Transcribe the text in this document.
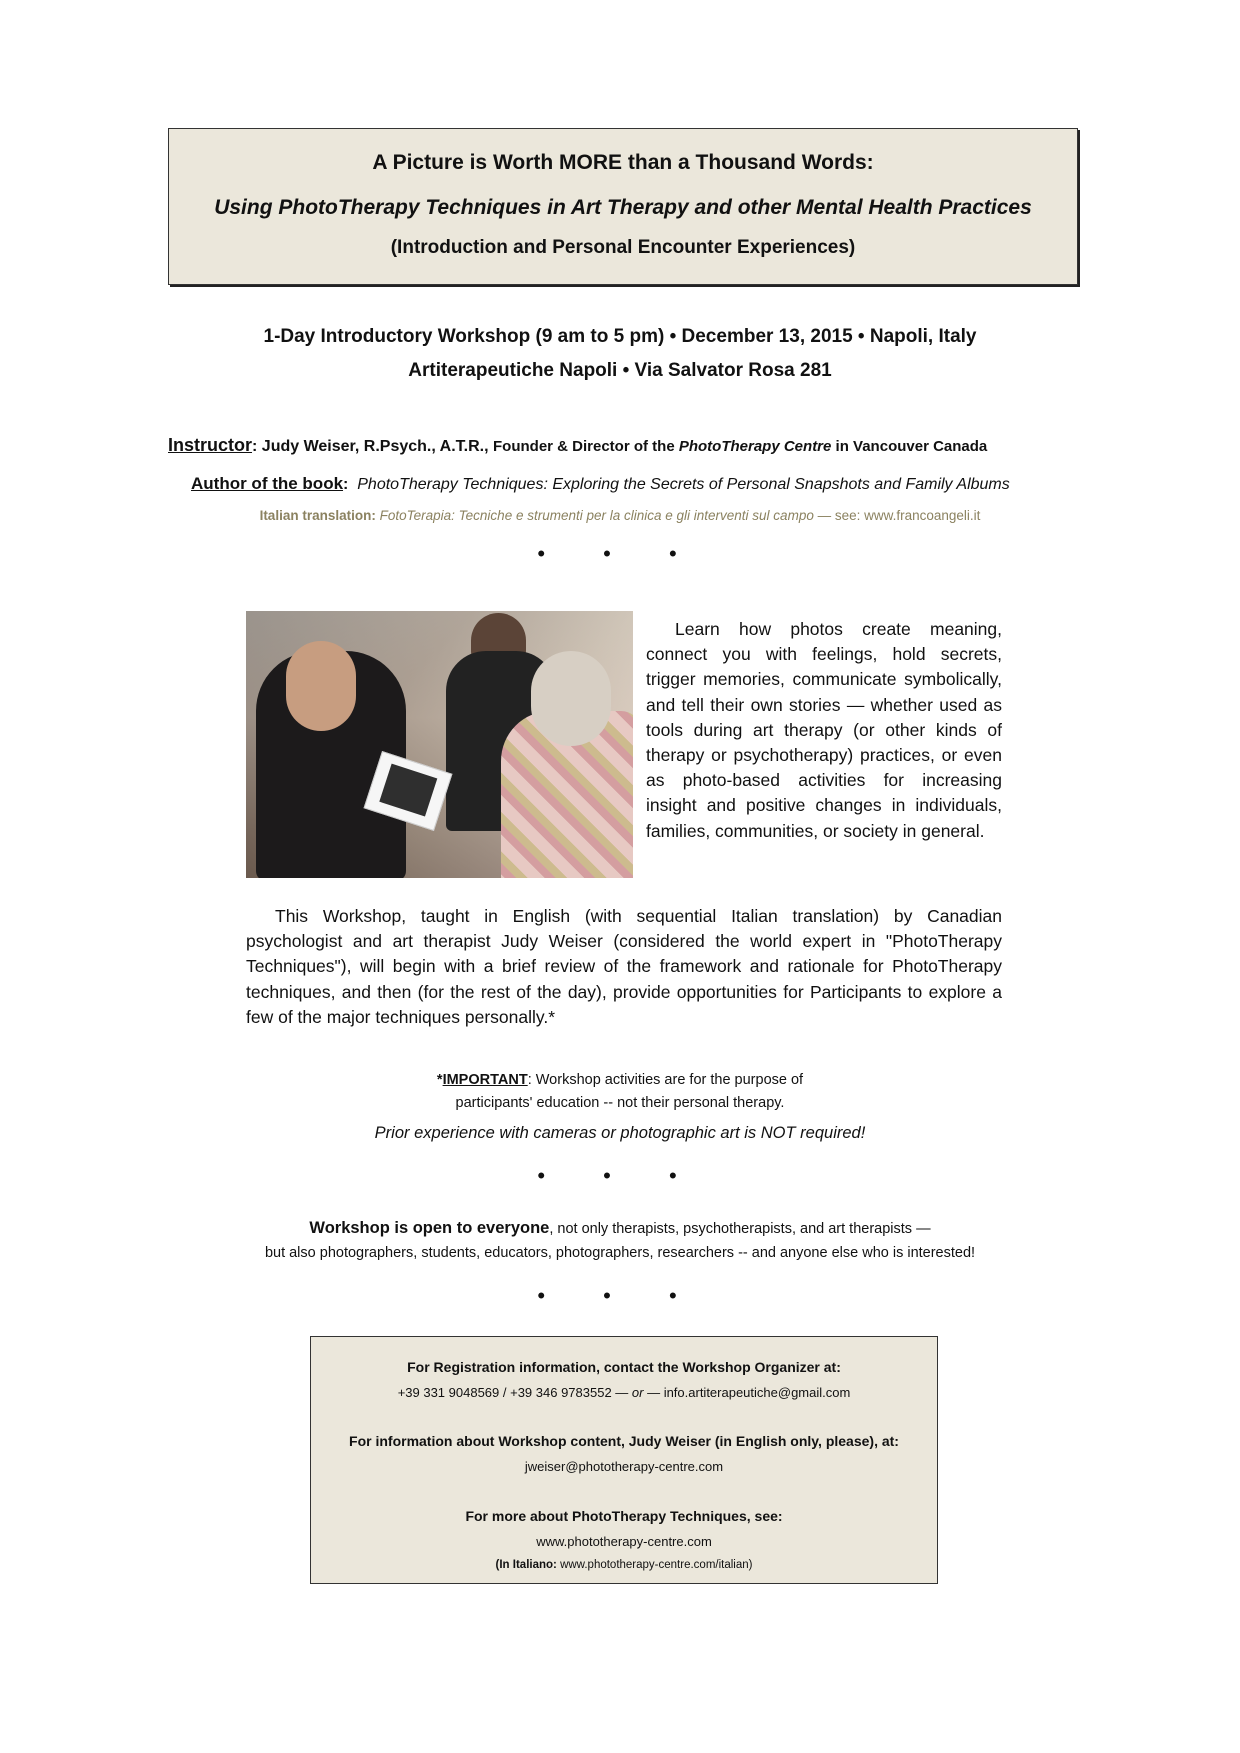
A Picture is Worth MORE than a Thousand Words:
Using PhotoTherapy Techniques in Art Therapy and other Mental Health Practices
(Introduction and Personal Encounter Experiences)
1-Day Introductory Workshop (9 am to 5 pm) • December 13, 2015 • Napoli, Italy
Artiterapeutiche Napoli • Via Salvator Rosa 281
Instructor: Judy Weiser, R.Psych., A.T.R., Founder & Director of the PhotoTherapy Centre in Vancouver Canada
Author of the book: PhotoTherapy Techniques: Exploring the Secrets of Personal Snapshots and Family Albums
Italian translation: FotoTerapia: Tecniche e strumenti per la clinica e gli interventi sul campo — see: www.francoangeli.it
• • •
Learn how photos create meaning, connect you with feelings, hold secrets, trigger memories, communicate symbolically, and tell their own stories — whether used as tools during art therapy (or other kinds of therapy or psychotherapy) practices, or even as photo-based activities for increasing insight and positive changes in individuals, families, communities, or society in general.
This Workshop, taught in English (with sequential Italian translation) by Canadian psychologist and art therapist Judy Weiser (considered the world expert in "PhotoTherapy Techniques"), will begin with a brief review of the framework and rationale for PhotoTherapy techniques, and then (for the rest of the day), provide opportunities for Participants to explore a few of the major techniques personally.*
*IMPORTANT: Workshop activities are for the purpose of
participants' education -- not their personal therapy.
Prior experience with cameras or photographic art is NOT required!
• • •
Workshop is open to everyone, not only therapists, psychotherapists, and art therapists —
but also photographers, students, educators, photographers, researchers -- and anyone else who is interested!
• • •
For Registration information, contact the Workshop Organizer at:
+39 331 9048569 / +39 346 9783552 — or — info.artiterapeutiche@gmail.com
For information about Workshop content, Judy Weiser (in English only, please), at:
jweiser@phototherapy-centre.com
For more about PhotoTherapy Techniques, see:
www.phototherapy-centre.com
(In Italiano: www.phototherapy-centre.com/italian)
